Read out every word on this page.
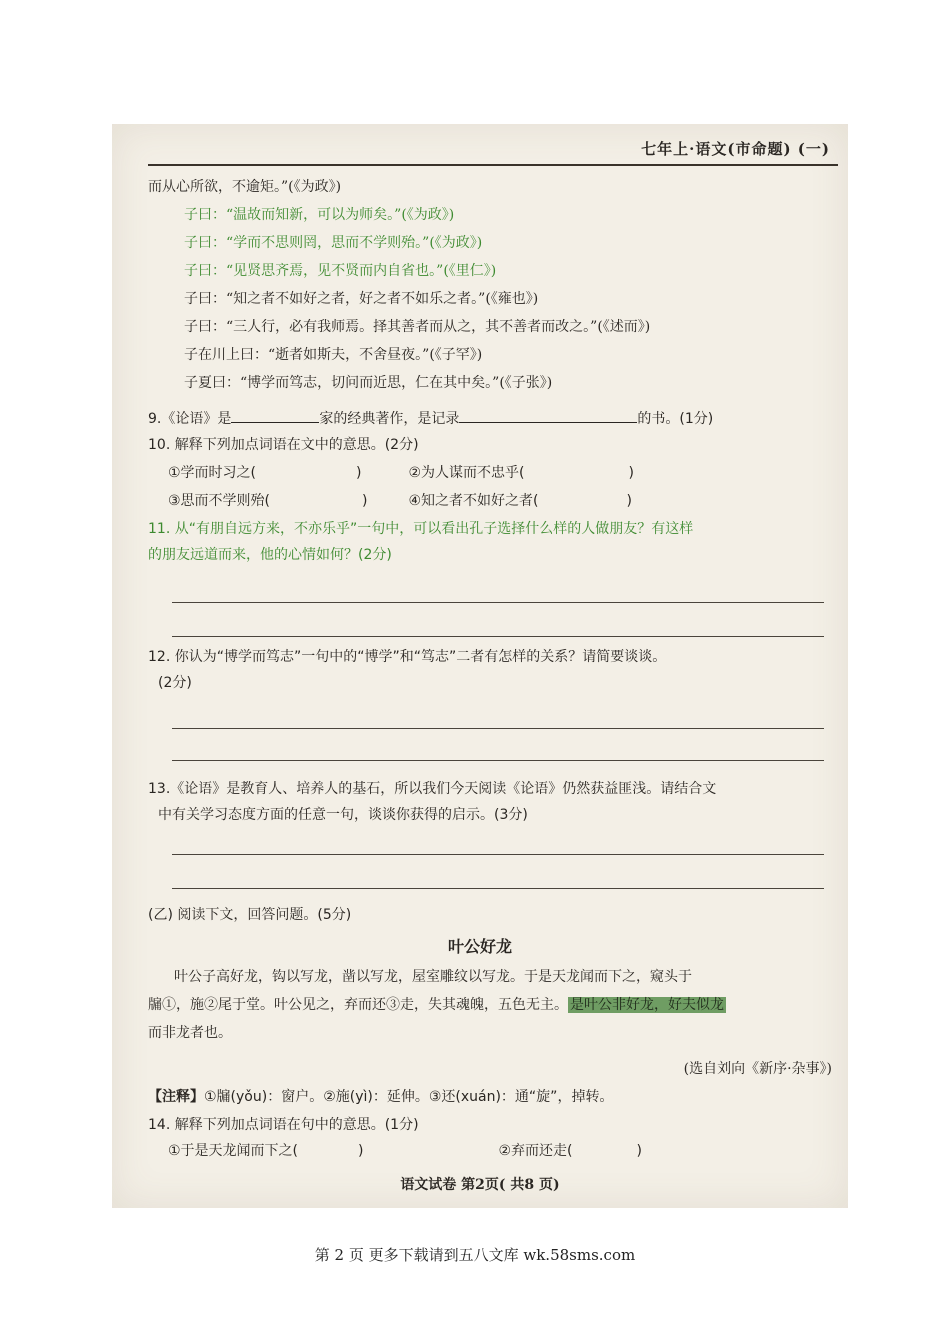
七年上·语文(市命题) (一)
而从心所欲，不逾矩。”(《为政》)
子曰：“温故而知新，可以为师矣。”(《为政》)
子曰：“学而不思则罔，思而不学则殆。”(《为政》)
子曰：“见贤思齐焉，见不贤而内自省也。”(《里仁》)
子曰：“知之者不如好之者，好之者不如乐之者。”(《雍也》)
子曰：“三人行，必有我师焉。择其善者而从之，其不善者而改之。”(《述而》)
子在川上曰：“逝者如斯夫，不舍昼夜。”(《子罕》)
子夏曰：“博学而笃志，切问而近思，仁在其中矣。”(《子张》)
9.《论语》是	家的经典著作，是记录	的书。(1分)
10. 解释下列加点词语在文中的意思。(2分)
①学而时习之(	)	②为人谋而不忠乎(	)
③思而不学则殆(	)	④知之者不如好之者(	)
11. 从“有朋自远方来，不亦乐乎”一句中，可以看出孔子选择什么样的人做朋友？有这样
的朋友远道而来，他的心情如何？(2分)
12. 你认为“博学而笃志”一句中的“博学”和“笃志”二者有怎样的关系？请简要谈谈。
(2分)
13.《论语》是教育人、培养人的基石，所以我们今天阅读《论语》仍然获益匪浅。请结合文
中有关学习态度方面的任意一句，谈谈你获得的启示。(3分)
(乙) 阅读下文，回答问题。(5分)
叶公好龙
叶公子高好龙，钩以写龙，凿以写龙，屋室雕纹以写龙。于是天龙闻而下之，窥头于
牖①，施②尾于堂。叶公见之，弃而还③走，失其魂魄，五色无主。 是叶公非好龙，好夫似龙
而非龙者也。
(选自刘向《新序·杂事》)
【注释】①牖(yǒu)：窗户。②施(yì)：延伸。③还(xuán)：通“旋”，掉转。
14. 解释下列加点词语在句中的意思。(1分)
①于是天龙闻而下之(	)	②弃而还走(	)
语文试卷 第2页( 共8 页)
第 2 页 更多下载请到五八文库 wk.58sms.com
